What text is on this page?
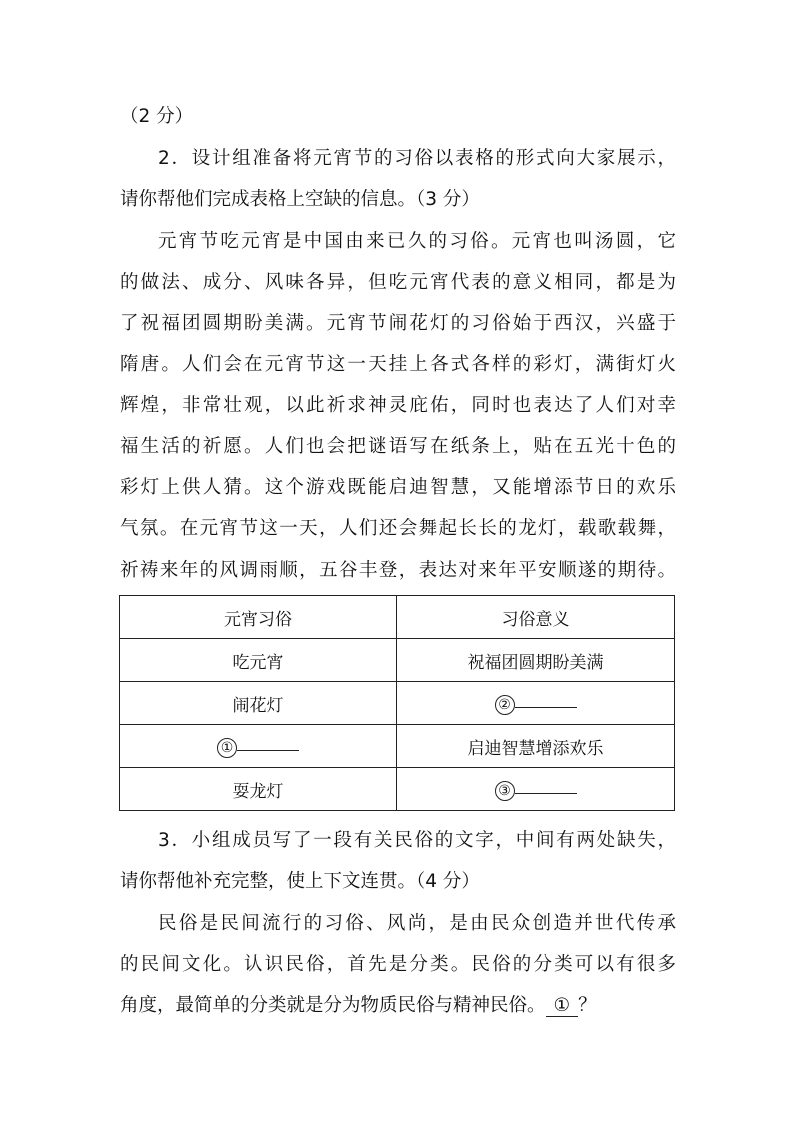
（2 分）
2．设计组准备将元宵节的习俗以表格的形式向大家展示，
请你帮他们完成表格上空缺的信息。（3 分）
元宵节吃元宵是中国由来已久的习俗。元宵也叫汤圆，它
的做法、成分、风味各异，但吃元宵代表的意义相同，都是为
了祝福团圆期盼美满。元宵节闹花灯的习俗始于西汉，兴盛于
隋唐。人们会在元宵节这一天挂上各式各样的彩灯，满街灯火
辉煌，非常壮观，以此祈求神灵庇佑，同时也表达了人们对幸
福生活的祈愿。人们也会把谜语写在纸条上，贴在五光十色的
彩灯上供人猜。这个游戏既能启迪智慧，又能增添节日的欢乐
气氛。在元宵节这一天，人们还会舞起长长的龙灯，载歌载舞，
祈祷来年的风调雨顺，五谷丰登，表达对来年平安顺遂的期待。
元宵习俗	习俗意义
吃元宵	祝福团圆期盼美满
闹花灯	②
①	启迪智慧增添欢乐
耍龙灯	③
3．小组成员写了一段有关民俗的文字，中间有两处缺失，
请你帮他补充完整，使上下文连贯。（4 分）
民俗是民间流行的习俗、风尚，是由民众创造并世代传承
的民间文化。认识民俗，首先是分类。民俗的分类可以有很多
角度，最简单的分类就是分为物质民俗与精神民俗。 ① ？
